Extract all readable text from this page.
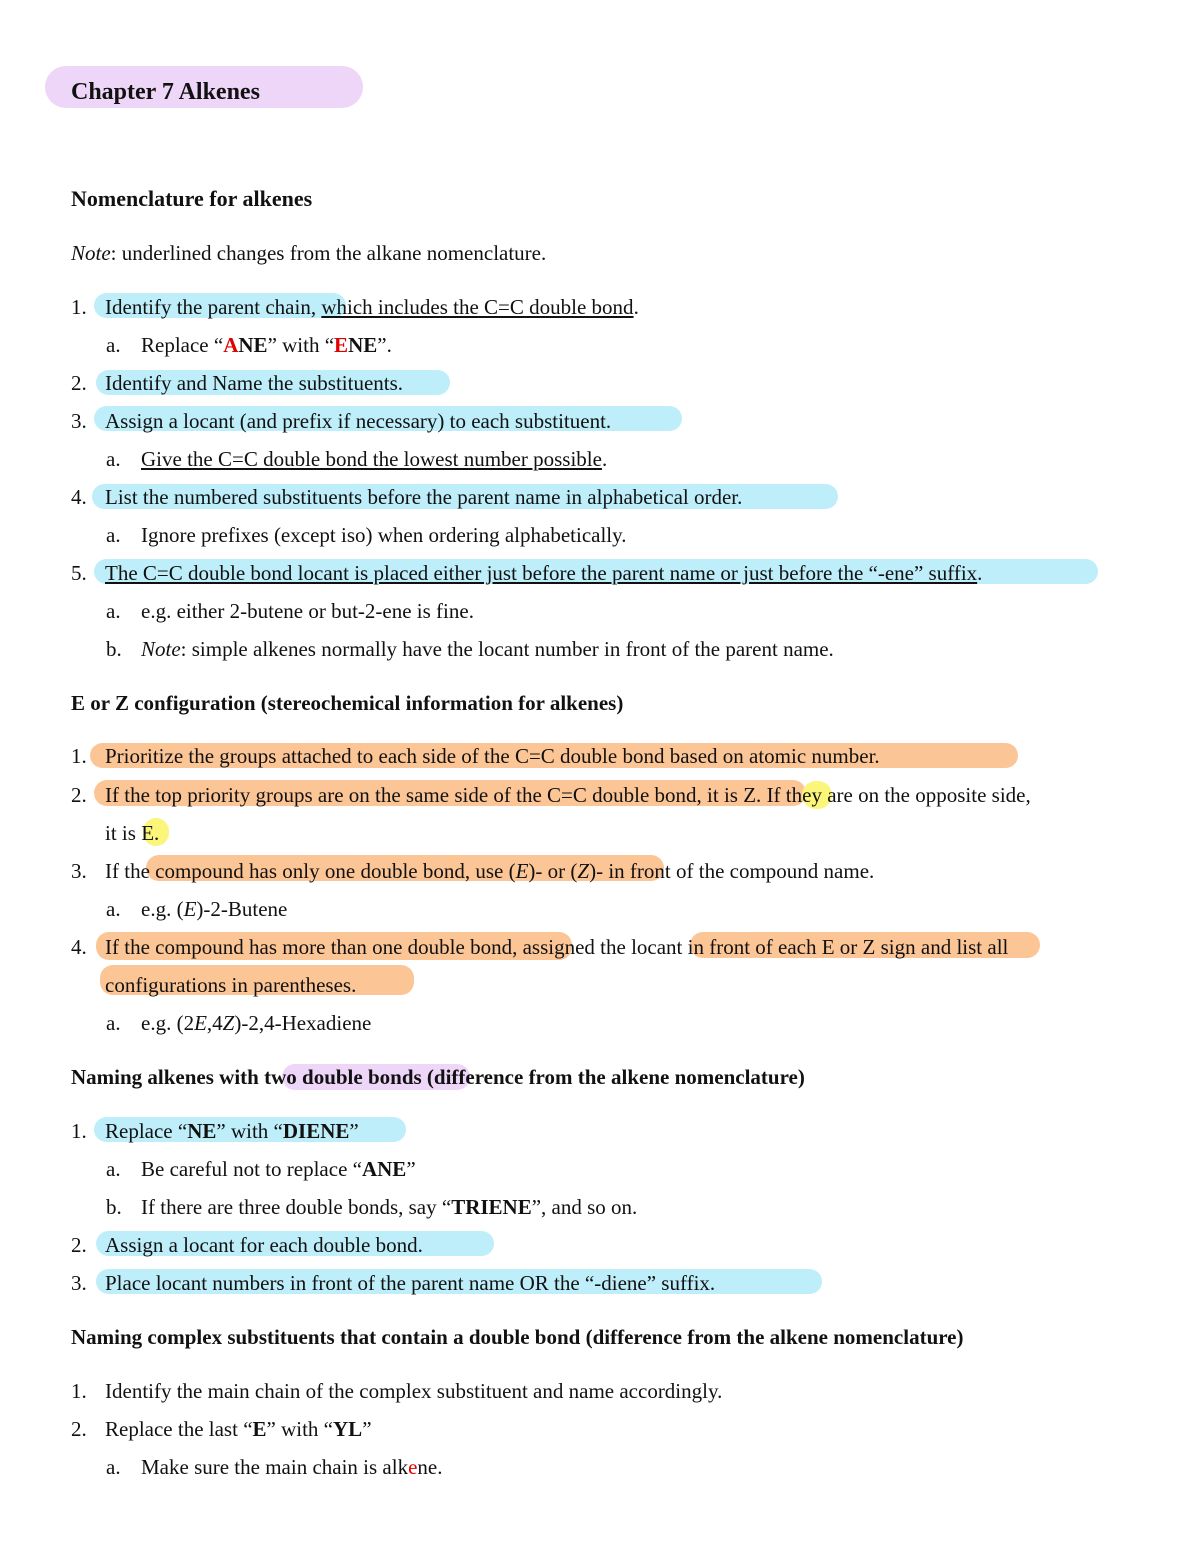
Chapter 7 Alkenes
Nomenclature for alkenes
Note: underlined changes from the alkane nomenclature.
1. Identify the parent chain, which includes the C=C double bond.
a. Replace “ANE” with “ENE”.
2. Identify and Name the substituents.
3. Assign a locant (and prefix if necessary) to each substituent.
a. Give the C=C double bond the lowest number possible.
4. List the numbered substituents before the parent name in alphabetical order.
a. Ignore prefixes (except iso) when ordering alphabetically.
5. The C=C double bond locant is placed either just before the parent name or just before the “-ene” suffix.
a. e.g. either 2-butene or but-2-ene is fine.
b. Note: simple alkenes normally have the locant number in front of the parent name.
E or Z configuration (stereochemical information for alkenes)
1. Prioritize the groups attached to each side of the C=C double bond based on atomic number.
2. If the top priority groups are on the same side of the C=C double bond, it is Z. If they are on the opposite side,
it is E.
3. If the compound has only one double bond, use (E)- or (Z)- in front of the compound name.
a. e.g. (E)-2-Butene
4. If the compound has more than one double bond, assigned the locant in front of each E or Z sign and list all
configurations in parentheses.
a. e.g. (2E,4Z)-2,4-Hexadiene
Naming alkenes with two double bonds (difference from the alkene nomenclature)
1. Replace “NE” with “DIENE”
a. Be careful not to replace “ANE”
b. If there are three double bonds, say “TRIENE”, and so on.
2. Assign a locant for each double bond.
3. Place locant numbers in front of the parent name OR the “-diene” suffix.
Naming complex substituents that contain a double bond (difference from the alkene nomenclature)
1. Identify the main chain of the complex substituent and name accordingly.
2. Replace the last “E” with “YL”
a. Make sure the main chain is alkene.
